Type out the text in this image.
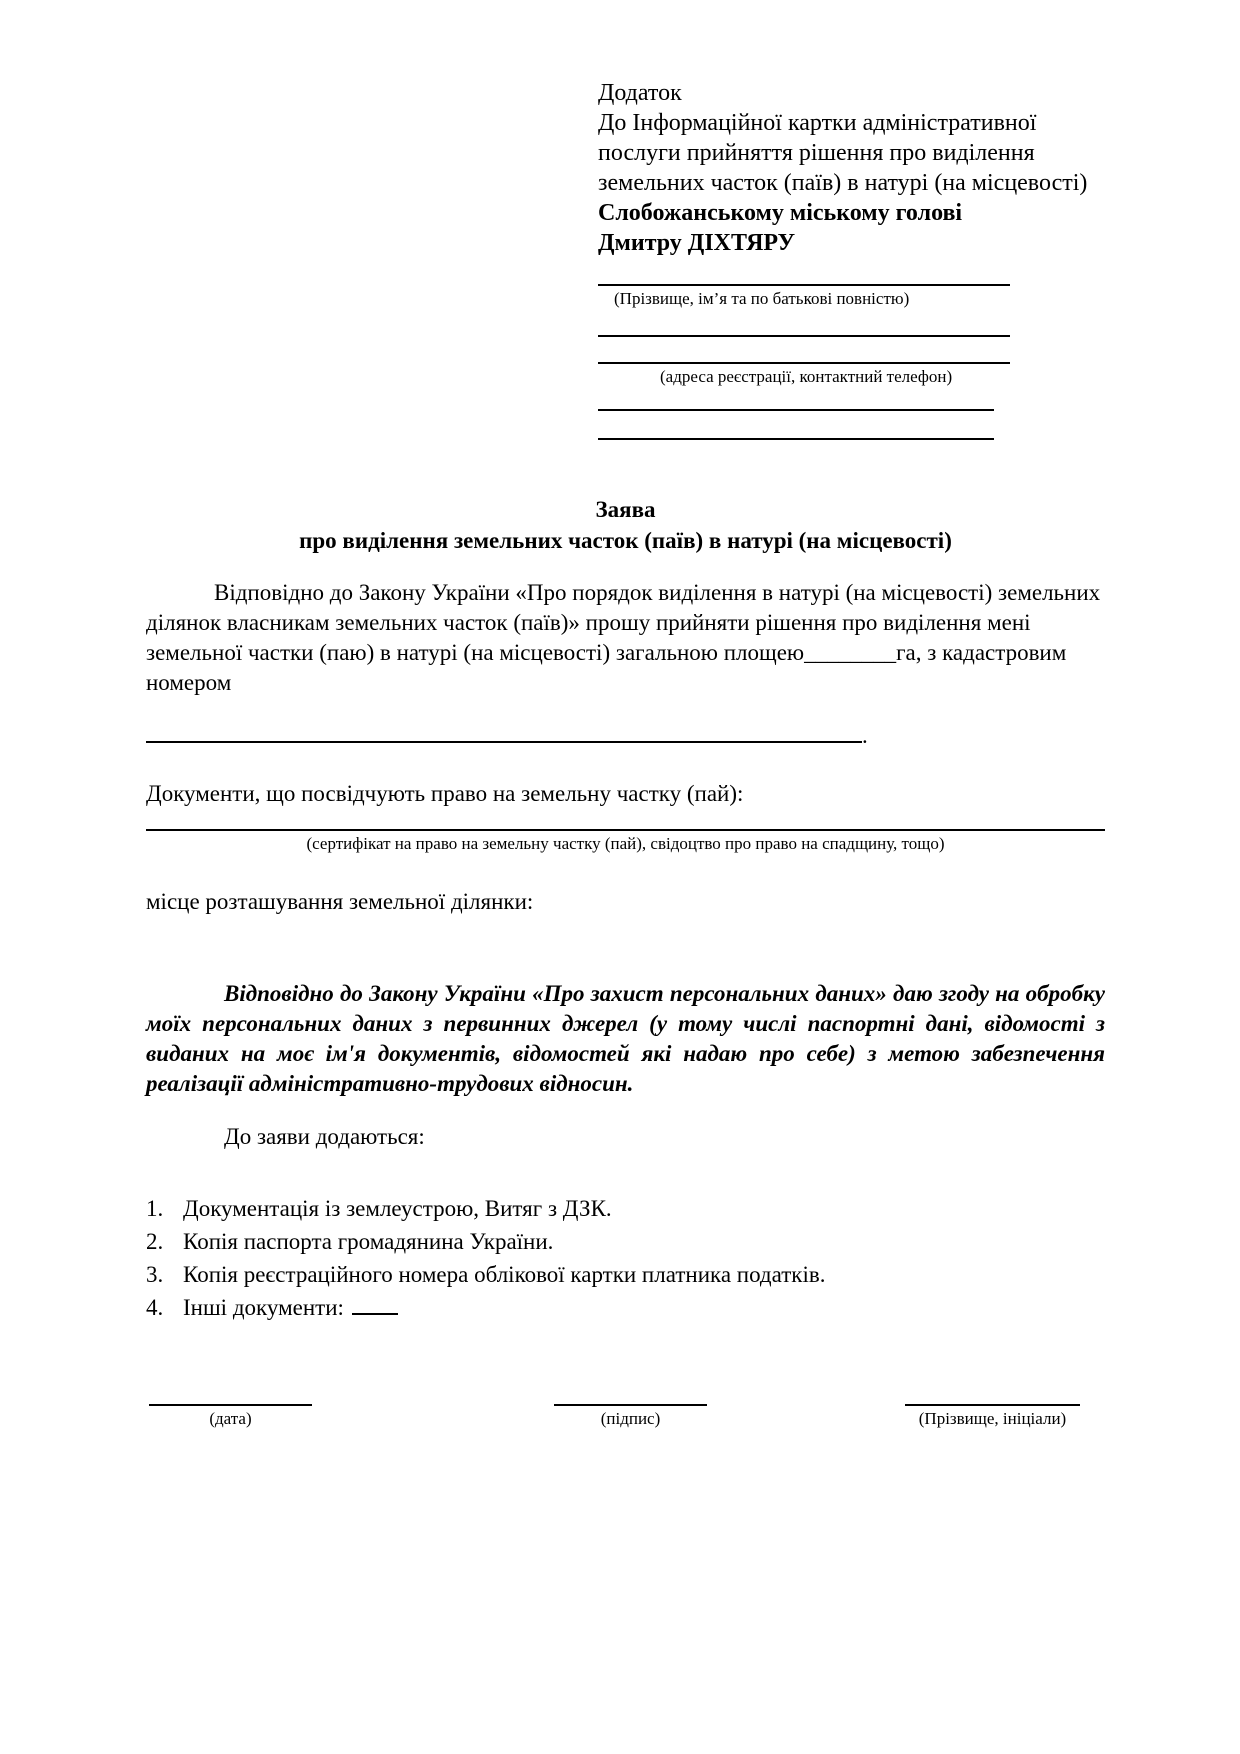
Додаток
До Інформаційної картки адміністративної
послуги прийняття рішення про виділення
земельних часток (паїв) в натурі (на місцевості)
Слобожанському міському голові
Дмитру ДІХТЯРУ
(Прізвище, ім’я та по батькові повністю)
(адреса реєстрації, контактний телефон)
Заява
про виділення земельних часток (паїв) в натурі (на місцевості)

Відповідно до Закону України «Про порядок виділення в натурі (на місцевості) земельних ділянок власникам земельних часток (паїв)» прошу прийняти рішення про виділення мені земельної частки (паю) в натурі (на місцевості) загальною площею________га, з кадастровим номером

.
Документи, що посвідчують право на земельну частку (пай):
(сертифікат на право на земельну частку (пай), свідоцтво про право на спадщину, тощо)
місце розташування земельної ділянки:

Відповідно до Закону України «Про захист персональних даних» даю згоду на обробку моїх персональних даних з первинних джерел (у тому числі паспортні дані, відомості з виданих на моє ім'я документів, відомостей які надаю про себе) з метою забезпечення реалізації адміністративно-трудових відносин.

До заяви додаються:
1. Документація із землеустрою, Витяг з ДЗК.
2. Копія паспорта громадянина України.
3. Копія реєстраційного номера облікової картки платника податків.
4. Інші документи:
(дата)	(підпис)	(Прізвище, ініціали)
